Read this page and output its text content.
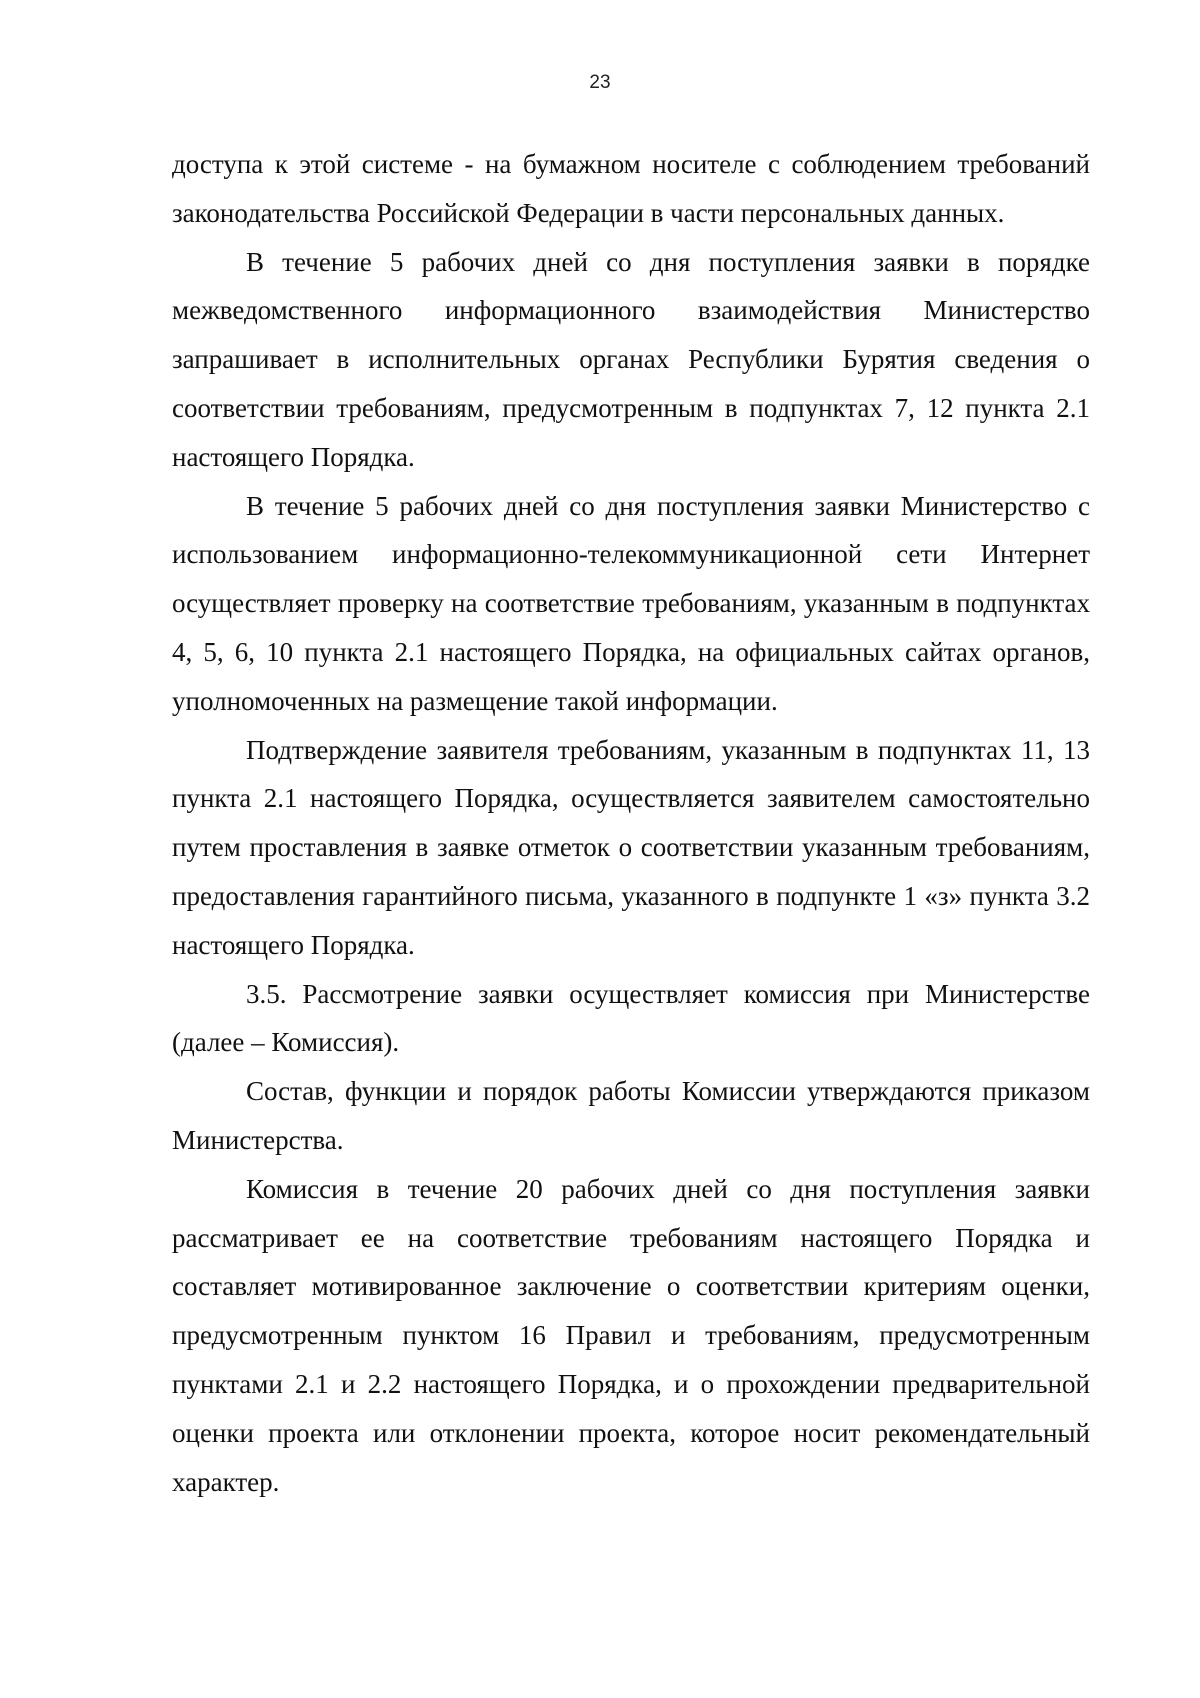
23

доступа к этой системе - на бумажном носителе с соблюдением требований законодательства Российской Федерации в части персональных данных.

В течение 5 рабочих дней со дня поступления заявки в порядке межведомственного информационного взаимодействия Министерство запрашивает в исполнительных органах Республики Бурятия сведения о соответствии требованиям, предусмотренным в подпунктах 7, 12 пункта 2.1 настоящего Порядка.

В течение 5 рабочих дней со дня поступления заявки Министерство с использованием информационно-телекоммуникационной сети Интернет осуществляет проверку на соответствие требованиям, указанным в подпунктах 4, 5, 6, 10 пункта 2.1 настоящего Порядка, на официальных сайтах органов, уполномоченных на размещение такой информации.

Подтверждение заявителя требованиям, указанным в подпунктах 11, 13 пункта 2.1 настоящего Порядка, осуществляется заявителем самостоятельно путем проставления в заявке отметок о соответствии указанным требованиям, предоставления гарантийного письма, указанного в подпункте 1 «з» пункта 3.2 настоящего Порядка.

3.5. Рассмотрение заявки осуществляет комиссия при Министерстве (далее – Комиссия).

Состав, функции и порядок работы Комиссии утверждаются приказом Министерства.

Комиссия в течение 20 рабочих дней со дня поступления заявки рассматривает ее на соответствие требованиям настоящего Порядка и составляет мотивированное заключение о соответствии критериям оценки, предусмотренным пунктом 16 Правил и требованиям, предусмотренным пунктами 2.1 и 2.2 настоящего Порядка, и о прохождении предварительной оценки проекта или отклонении проекта, которое носит рекомендательный характер.
